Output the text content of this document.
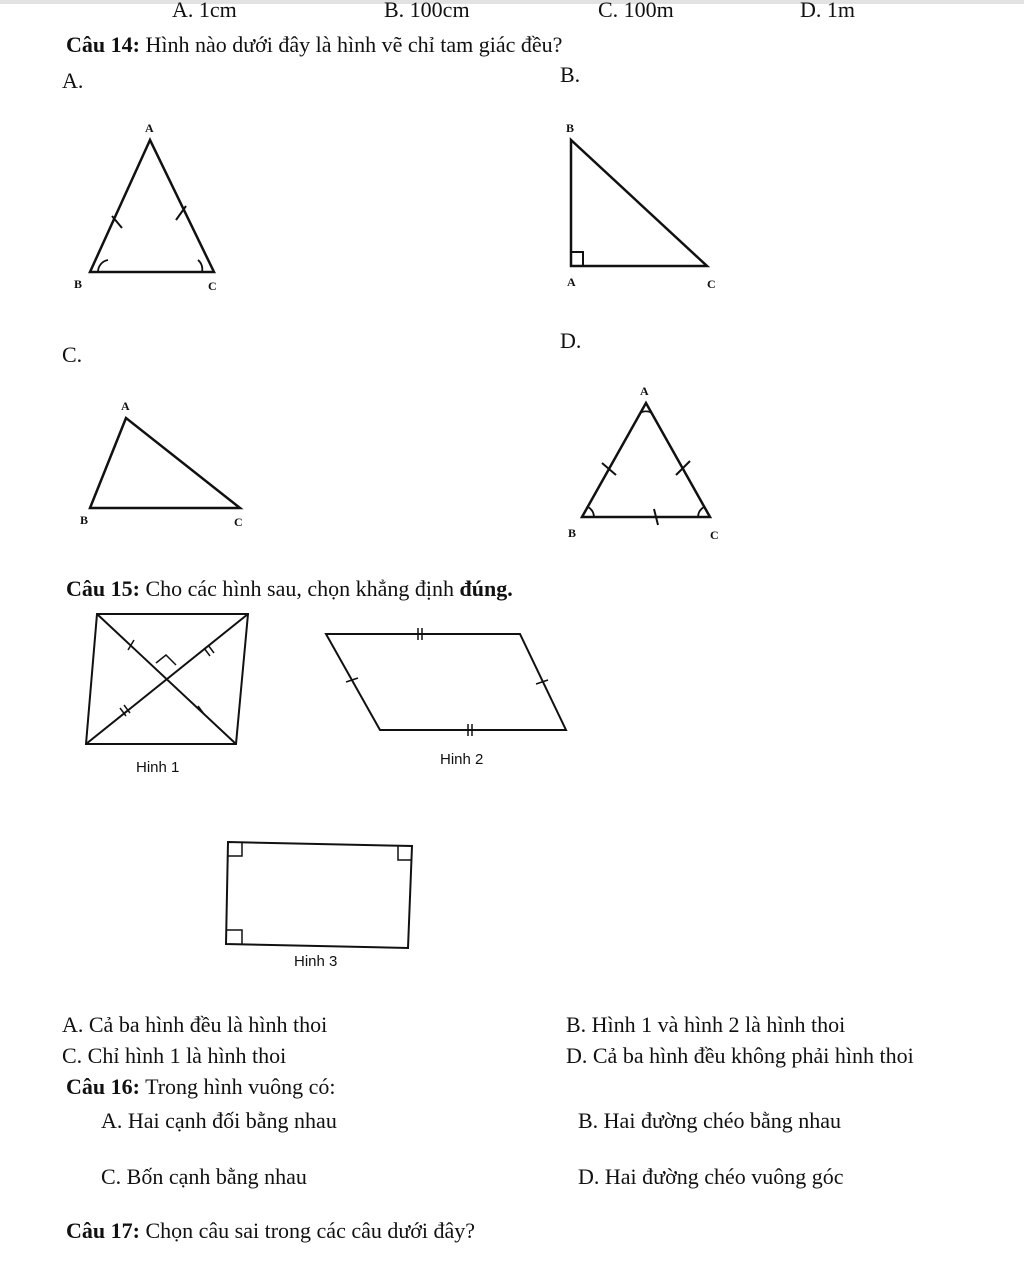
A. 1cm	B. 100cm	C. 100m	D. 1m
Câu 14: Hình nào dưới đây là hình vẽ chỉ tam giác đều?
A.	B.
D.
C.
A
B	C
B
A	C
A
B	C
A
B	C
Câu 15: Cho các hình sau, chọn khẳng định đúng.
Hinh 1	Hinh 2
Hinh 3
A. Cả ba hình đều là hình thoi	B. Hình 1 và hình 2 là hình thoi
C. Chỉ hình 1 là hình thoi	D. Cả ba hình đều không phải hình thoi
Câu 16: Trong hình vuông có:
A. Hai cạnh đối bằng nhau	B. Hai đường chéo bằng nhau
C. Bốn cạnh bằng nhau	D. Hai đường chéo vuông góc
Câu 17: Chọn câu sai trong các câu dưới đây?
